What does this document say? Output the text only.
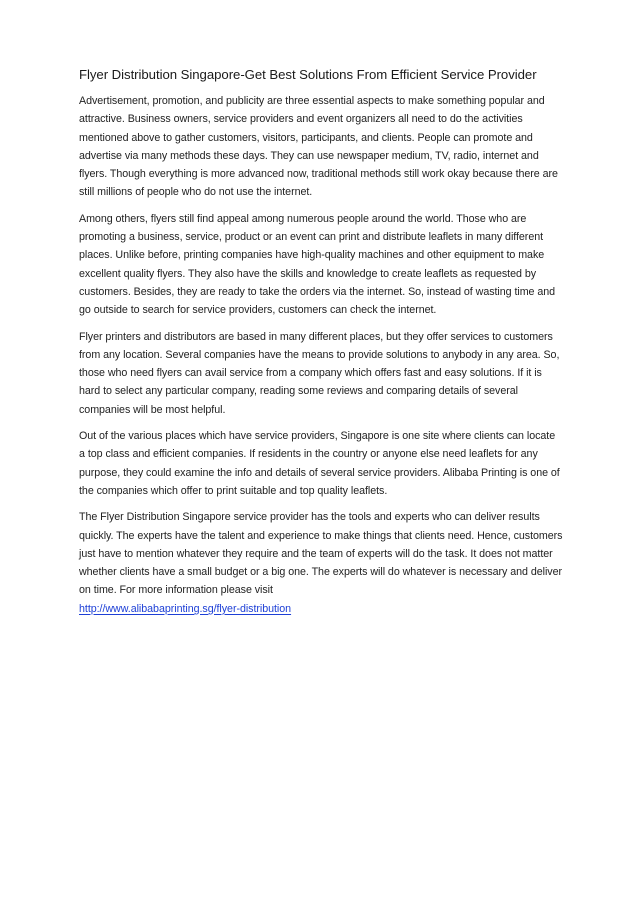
Flyer Distribution Singapore-Get Best Solutions From Efficient Service Provider

Advertisement, promotion, and publicity are three essential aspects to make something popular and attractive. Business owners, service providers and event organizers all need to do the activities mentioned above to gather customers, visitors, participants, and clients. People can promote and advertise via many methods these days. They can use newspaper medium, TV, radio, internet and flyers. Though everything is more advanced now, traditional methods still work okay because there are still millions of people who do not use the internet.

Among others, flyers still find appeal among numerous people around the world. Those who are promoting a business, service, product or an event can print and distribute leaflets in many different places. Unlike before, printing companies have high-quality machines and other equipment to make excellent quality flyers. They also have the skills and knowledge to create leaflets as requested by customers. Besides, they are ready to take the orders via the internet. So, instead of wasting time and go outside to search for service providers, customers can check the internet.

Flyer printers and distributors are based in many different places, but they offer services to customers from any location. Several companies have the means to provide solutions to anybody in any area. So, those who need flyers can avail service from a company which offers fast and easy solutions. If it is hard to select any particular company, reading some reviews and comparing details of several companies will be most helpful.

Out of the various places which have service providers, Singapore is one site where clients can locate a top class and efficient companies. If residents in the country or anyone else need leaflets for any purpose, they could examine the info and details of several service providers. Alibaba Printing is one of the companies which offer to print suitable and top quality leaflets.

The Flyer Distribution Singapore service provider has the tools and experts who can deliver results quickly. The experts have the talent and experience to make things that clients need. Hence, customers just have to mention whatever they require and the team of experts will do the task. It does not matter whether clients have a small budget or a big one. The experts will do whatever is necessary and deliver on time. For more information please visit
http://www.alibabaprinting.sg/flyer-distribution
